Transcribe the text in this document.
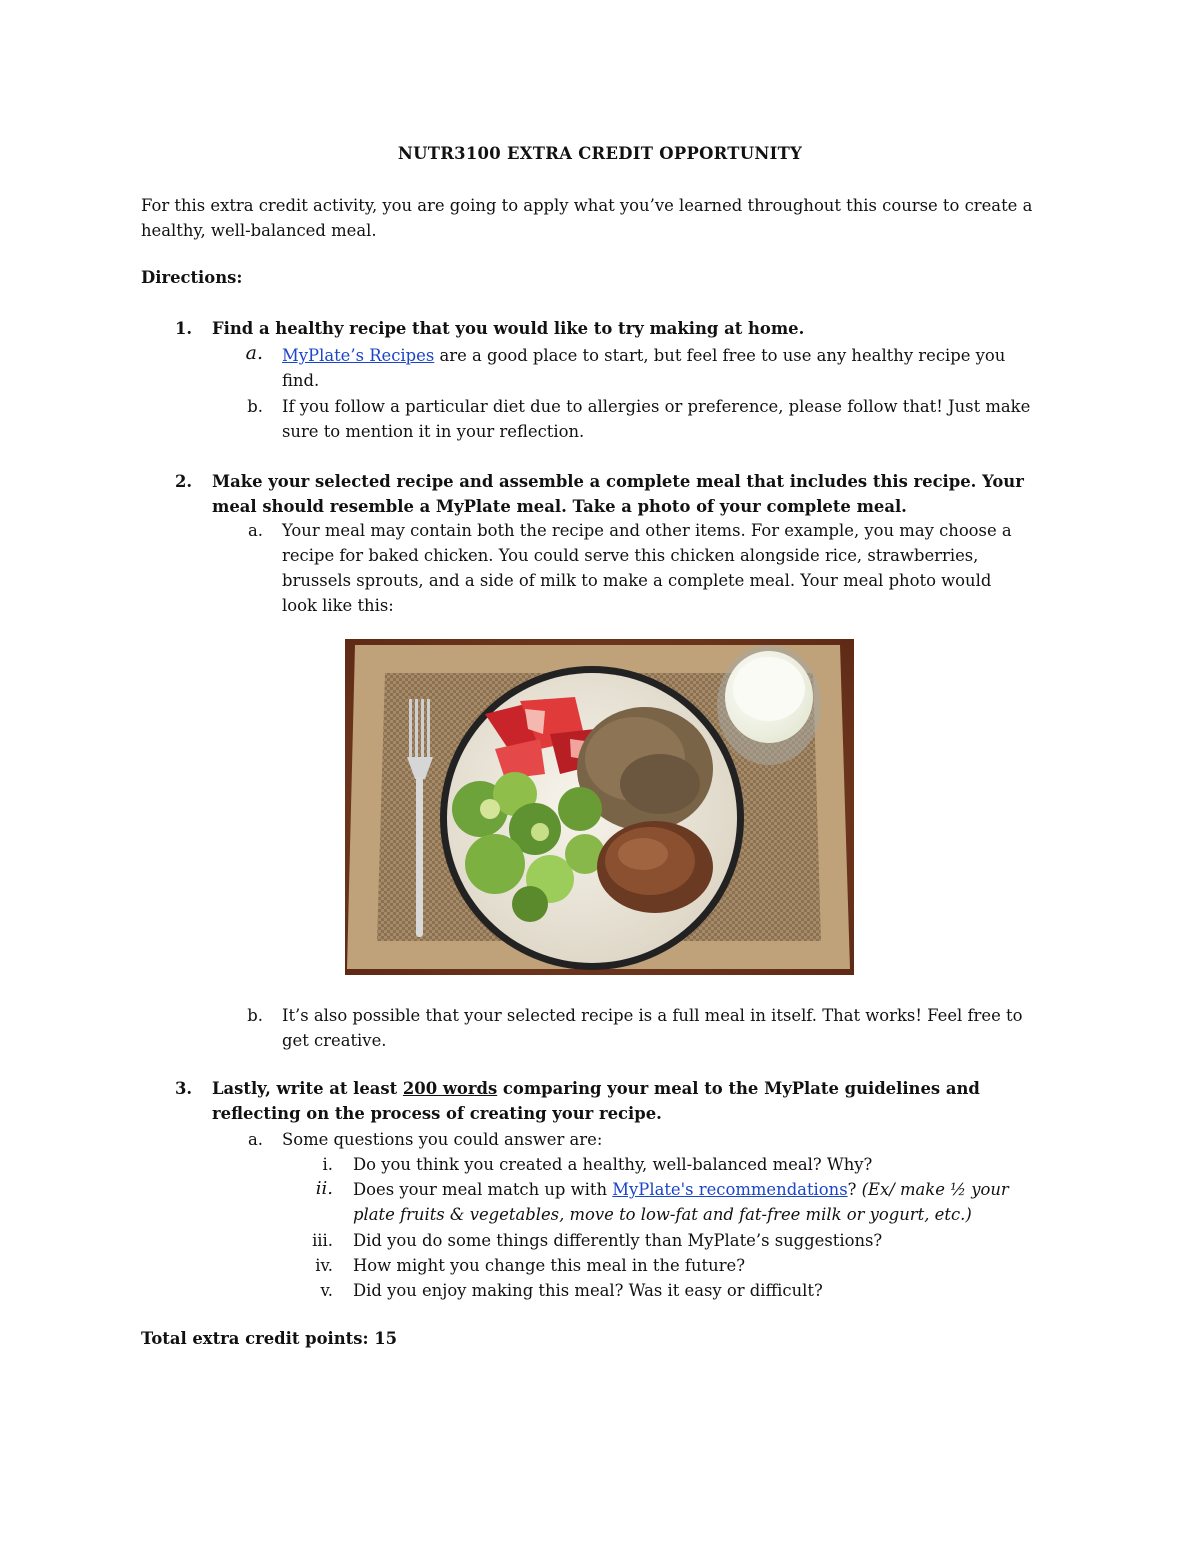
NUTR3100 EXTRA CREDIT OPPORTUNITY
For this extra credit activity, you are going to apply what you’ve learned throughout this course to create a healthy, well-balanced meal.
Directions:
1. Find a healthy recipe that you would like to try making at home.
a. MyPlate’s Recipes are a good place to start, but feel free to use any healthy recipe you
find.
b. If you follow a particular diet due to allergies or preference, please follow that! Just make
sure to mention it in your reflection.
2. Make your selected recipe and assemble a complete meal that includes this recipe. Your
meal should resemble a MyPlate meal. Take a photo of your complete meal.
a. Your meal may contain both the recipe and other items. For example, you may choose a
recipe for baked chicken. You could serve this chicken alongside rice, strawberries,
brussels sprouts, and a side of milk to make a complete meal. Your meal photo would
look like this:
b. It’s also possible that your selected recipe is a full meal in itself. That works! Feel free to
get creative.
3. Lastly, write at least 200 words comparing your meal to the MyPlate guidelines and
reflecting on the process of creating your recipe.
a. Some questions you could answer are:
i. Do you think you created a healthy, well-balanced meal? Why?
ii. Does your meal match up with MyPlate's recommendations? (Ex/ make ½ your
plate fruits & vegetables, move to low-fat and fat-free milk or yogurt, etc.)
iii. Did you do some things differently than MyPlate’s suggestions?
iv. How might you change this meal in the future?
v. Did you enjoy making this meal? Was it easy or difficult?
Total extra credit points: 15
